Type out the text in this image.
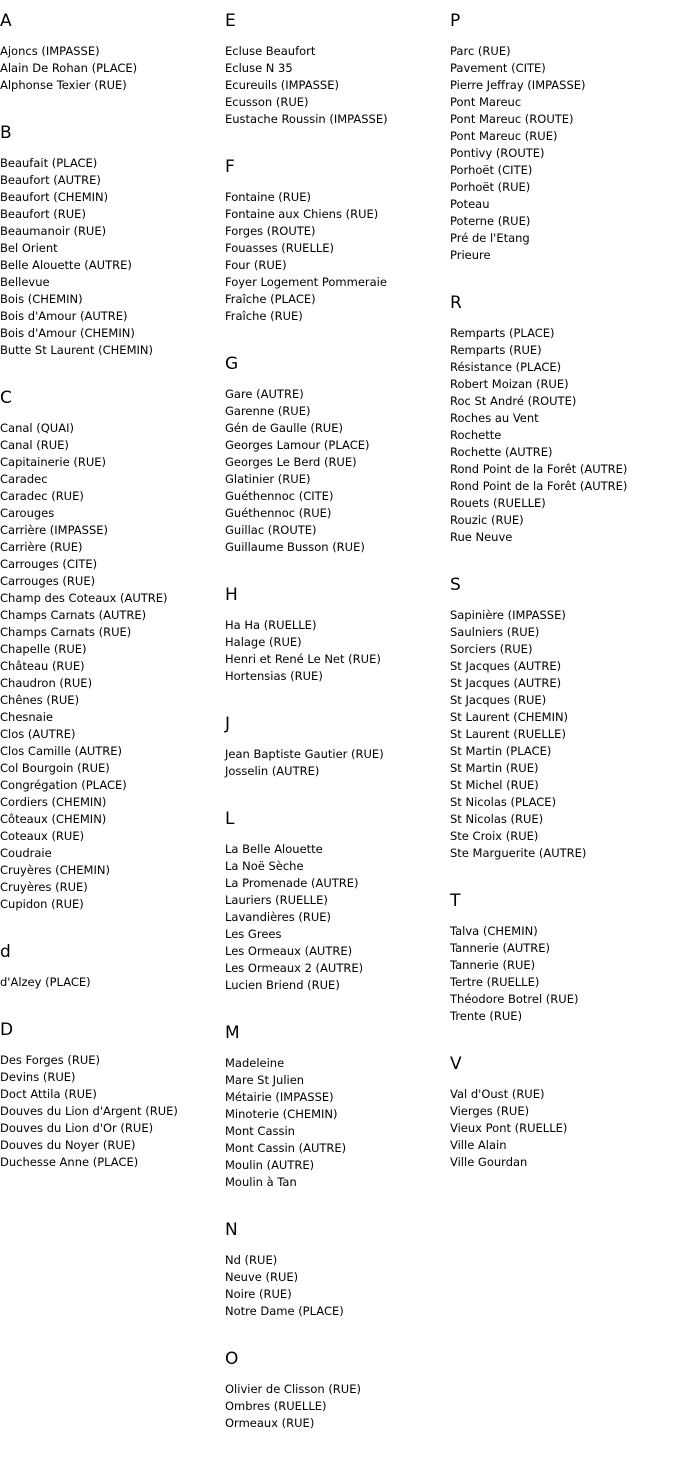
A
Ajoncs (IMPASSE)
Alain De Rohan (PLACE)
Alphonse Texier (RUE)
B
Beaufait (PLACE)
Beaufort (AUTRE)
Beaufort (CHEMIN)
Beaufort (RUE)
Beaumanoir (RUE)
Bel Orient
Belle Alouette (AUTRE)
Bellevue
Bois (CHEMIN)
Bois d'Amour (AUTRE)
Bois d'Amour (CHEMIN)
Butte St Laurent (CHEMIN)
C
Canal (QUAI)
Canal (RUE)
Capitainerie (RUE)
Caradec
Caradec (RUE)
Carouges
Carrière (IMPASSE)
Carrière (RUE)
Carrouges (CITE)
Carrouges (RUE)
Champ des Coteaux (AUTRE)
Champs Carnats (AUTRE)
Champs Carnats (RUE)
Chapelle (RUE)
Château (RUE)
Chaudron (RUE)
Chênes (RUE)
Chesnaie
Clos (AUTRE)
Clos Camille (AUTRE)
Col Bourgoin (RUE)
Congrégation (PLACE)
Cordiers (CHEMIN)
Côteaux (CHEMIN)
Coteaux (RUE)
Coudraie
Cruyères (CHEMIN)
Cruyères (RUE)
Cupidon (RUE)
d
d'Alzey (PLACE)
D
Des Forges (RUE)
Devins (RUE)
Doct Attila (RUE)
Douves du Lion d'Argent (RUE)
Douves du Lion d'Or (RUE)
Douves du Noyer (RUE)
Duchesse Anne (PLACE)
E
Ecluse Beaufort
Ecluse N 35
Ecureuils (IMPASSE)
Ecusson (RUE)
Eustache Roussin (IMPASSE)
F
Fontaine (RUE)
Fontaine aux Chiens (RUE)
Forges (ROUTE)
Fouasses (RUELLE)
Four (RUE)
Foyer Logement Pommeraie
Fraîche (PLACE)
Fraîche (RUE)
G
Gare (AUTRE)
Garenne (RUE)
Gén de Gaulle (RUE)
Georges Lamour (PLACE)
Georges Le Berd (RUE)
Glatinier (RUE)
Guéthennoc (CITE)
Guéthennoc (RUE)
Guillac (ROUTE)
Guillaume Busson (RUE)
H
Ha Ha (RUELLE)
Halage (RUE)
Henri et René Le Net (RUE)
Hortensias (RUE)
J
Jean Baptiste Gautier (RUE)
Josselin (AUTRE)
L
La Belle Alouette
La Noë Sèche
La Promenade (AUTRE)
Lauriers (RUELLE)
Lavandières (RUE)
Les Grees
Les Ormeaux (AUTRE)
Les Ormeaux 2 (AUTRE)
Lucien Briend (RUE)
M
Madeleine
Mare St Julien
Métairie (IMPASSE)
Minoterie (CHEMIN)
Mont Cassin
Mont Cassin (AUTRE)
Moulin (AUTRE)
Moulin à Tan
N
Nd (RUE)
Neuve (RUE)
Noire (RUE)
Notre Dame (PLACE)
O
Olivier de Clisson (RUE)
Ombres (RUELLE)
Ormeaux (RUE)
P
Parc (RUE)
Pavement (CITE)
Pierre Jeffray (IMPASSE)
Pont Mareuc
Pont Mareuc (ROUTE)
Pont Mareuc (RUE)
Pontivy (ROUTE)
Porhoët (CITE)
Porhoët (RUE)
Poteau
Poterne (RUE)
Pré de l'Etang
Prieure
R
Remparts (PLACE)
Remparts (RUE)
Résistance (PLACE)
Robert Moizan (RUE)
Roc St André (ROUTE)
Roches au Vent
Rochette
Rochette (AUTRE)
Rond Point de la Forêt (AUTRE)
Rond Point de la Forêt (AUTRE)
Rouets (RUELLE)
Rouzic (RUE)
Rue Neuve
S
Sapinière (IMPASSE)
Saulniers (RUE)
Sorciers (RUE)
St Jacques (AUTRE)
St Jacques (AUTRE)
St Jacques (RUE)
St Laurent (CHEMIN)
St Laurent (RUELLE)
St Martin (PLACE)
St Martin (RUE)
St Michel (RUE)
St Nicolas (PLACE)
St Nicolas (RUE)
Ste Croix (RUE)
Ste Marguerite (AUTRE)
T
Talva (CHEMIN)
Tannerie (AUTRE)
Tannerie (RUE)
Tertre (RUELLE)
Théodore Botrel (RUE)
Trente (RUE)
V
Val d'Oust (RUE)
Vierges (RUE)
Vieux Pont (RUELLE)
Ville Alain
Ville Gourdan
